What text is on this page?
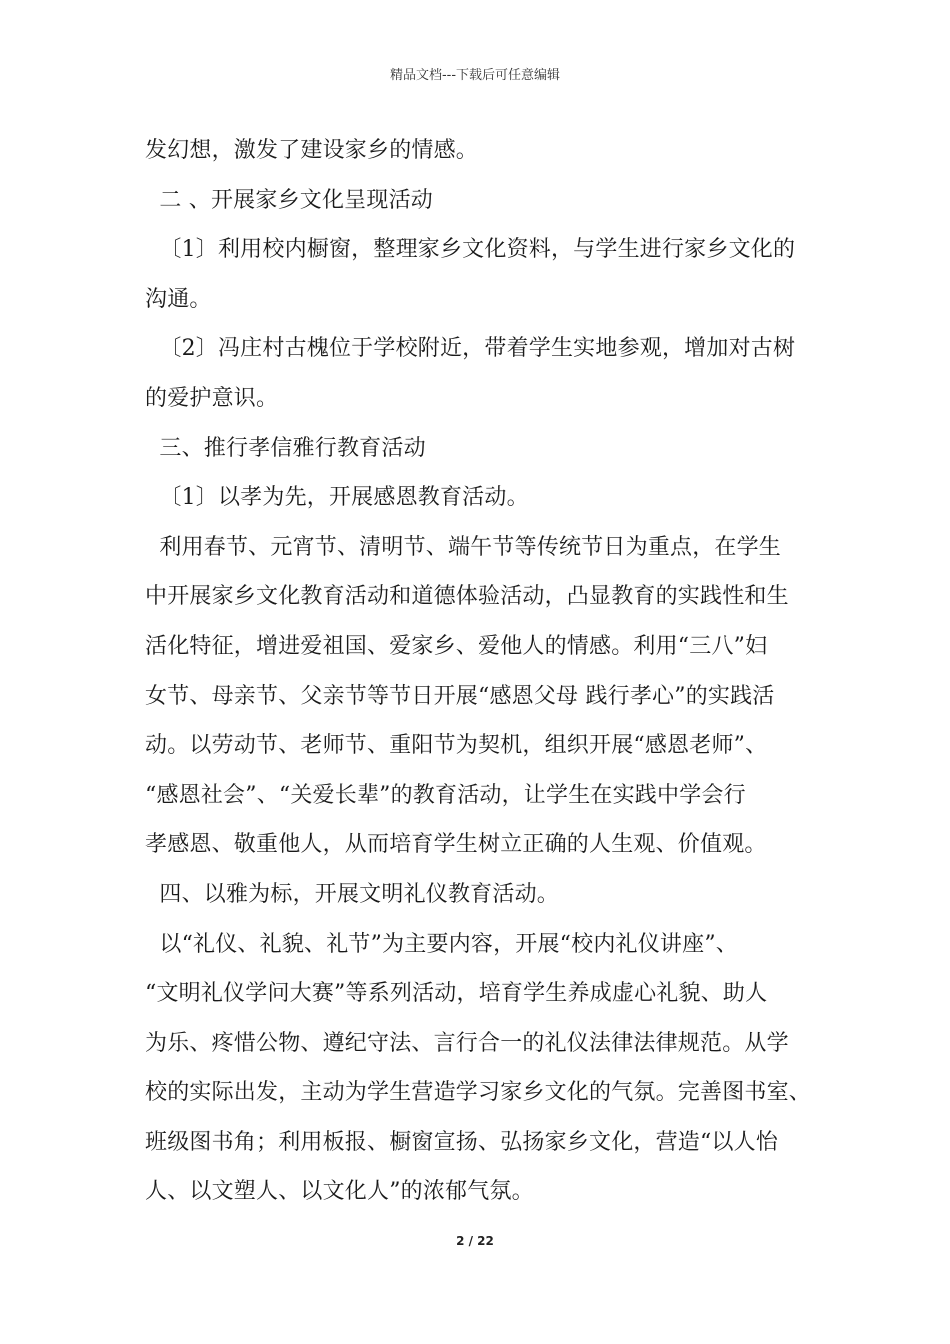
精品文档---下载后可任意编辑
发幻想，激发了建设家乡的情感。
二 、开展家乡文化呈现活动
〔1〕利用校内橱窗，整理家乡文化资料，与学生进行家乡文化的
沟通。
〔2〕冯庄村古槐位于学校附近，带着学生实地参观，增加对古树
的爱护意识。
三、推行孝信雅行教育活动
〔1〕以孝为先，开展感恩教育活动。
利用春节、元宵节、清明节、端午节等传统节日为重点，在学生
中开展家乡文化教育活动和道德体验活动，凸显教育的实践性和生
活化特征，增进爱祖国、爱家乡、爱他人的情感。利用“三八”妇
女节、母亲节、父亲节等节日开展“感恩父母 践行孝心”的实践活
动。以劳动节、老师节、重阳节为契机，组织开展“感恩老师”、
“感恩社会”、“关爱长辈”的教育活动，让学生在实践中学会行
孝感恩、敬重他人，从而培育学生树立正确的人生观、价值观。
四、以雅为标，开展文明礼仪教育活动。
以“礼仪、礼貌、礼节”为主要内容，开展“校内礼仪讲座”、
“文明礼仪学问大赛”等系列活动，培育学生养成虚心礼貌、助人
为乐、疼惜公物、遵纪守法、言行合一的礼仪法律法律规范。从学
校的实际出发，主动为学生营造学习家乡文化的气氛。完善图书室、
班级图书角；利用板报、橱窗宣扬、弘扬家乡文化，营造“以人怡
人、以文塑人、以文化人”的浓郁气氛。
2 / 22
